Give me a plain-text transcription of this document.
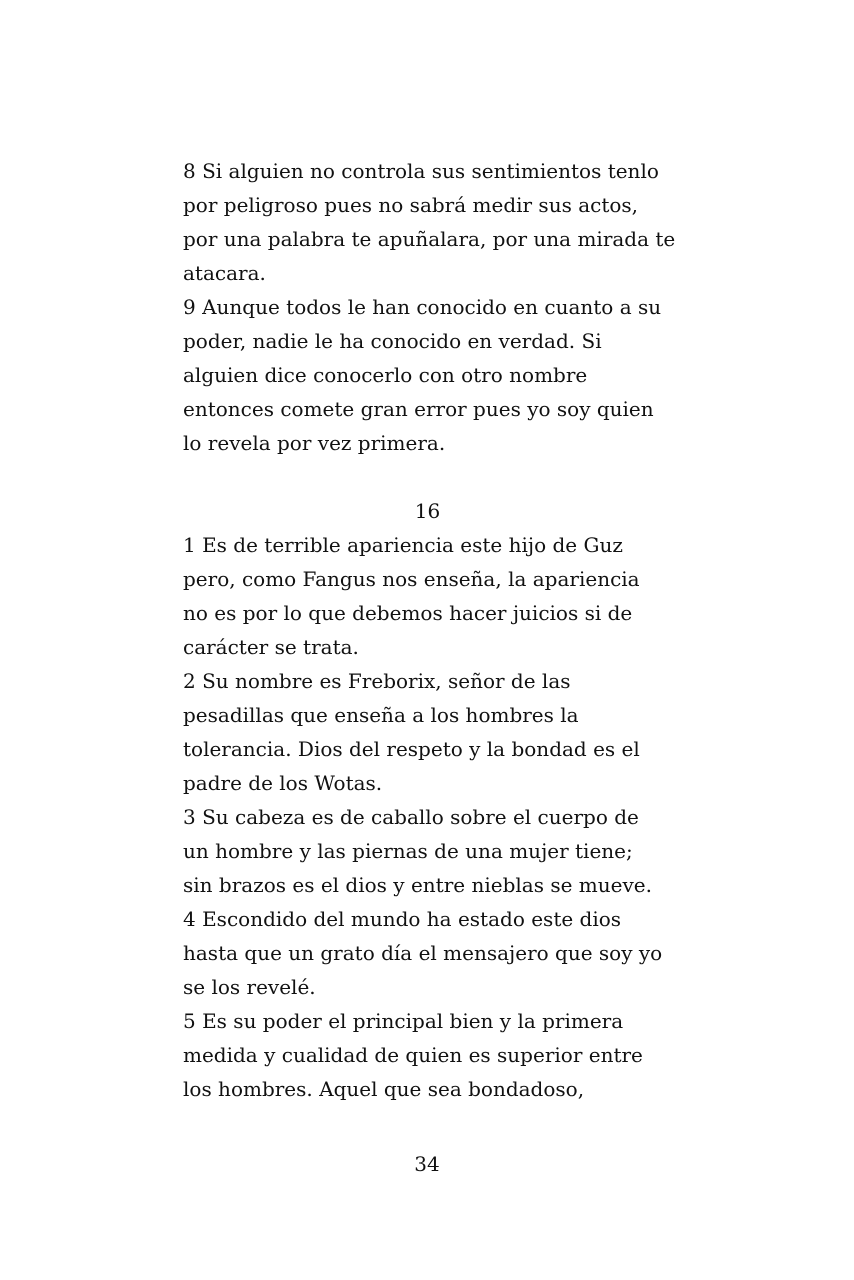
8 Si alguien no controla sus sentimientos tenlo
por peligroso pues no sabrá medir sus actos,
por una palabra te apuñalara, por una mirada te
atacara.
9 Aunque todos le han conocido en cuanto a su
poder, nadie le ha conocido en verdad. Si
alguien dice conocerlo con otro nombre
entonces comete gran error pues yo soy quien
lo revela por vez primera.
16
1 Es de terrible apariencia este hijo de Guz
pero, como Fangus nos enseña, la apariencia
no es por lo que debemos hacer juicios si de
carácter se trata.
2 Su nombre es Freborix, señor de las
pesadillas que enseña a los hombres la
tolerancia. Dios del respeto y la bondad es el
padre de los Wotas.
3 Su cabeza es de caballo sobre el cuerpo de
un hombre y las piernas de una mujer tiene;
sin brazos es el dios y entre nieblas se mueve.
4 Escondido del mundo ha estado este dios
hasta que un grato día el mensajero que soy yo
se los revelé.
5 Es su poder el principal bien y la primera
medida y cualidad de quien es superior entre
los hombres. Aquel que sea bondadoso,
34
